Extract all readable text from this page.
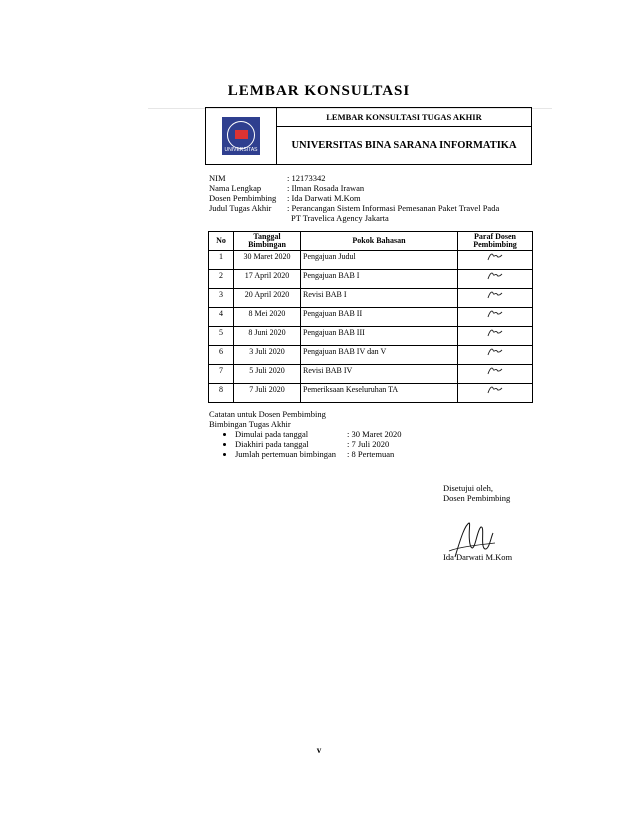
LEMBAR KONSULTASI
UNIVERSITAS
	LEMBAR KONSULTASI TUGAS AKHIR
UNIVERSITAS BINA SARANA INFORMATIKA
NIM	: 12173342
Nama Lengkap	: Ilman Rosada Irawan
Dosen Pembimbing	: Ida Darwati M.Kom
Judul Tugas Akhir	: Perancangan Sistem Informasi Pemesanan Paket Travel Pada
PT Travelica Agency Jakarta
No	Tanggal Bimbingan	Pokok Bahasan	Paraf Dosen Pembimbing
1	30 Maret 2020	Pengajuan Judul	
2	17 April 2020	Pengajuan BAB I	
3	20 April 2020	Revisi BAB I	
4	8 Mei 2020	Pengajuan BAB II	
5	8 Juni 2020	Pengajuan BAB III	
6	3 Juli 2020	Pengajuan BAB IV dan V	
7	5 Juli 2020	Revisi BAB IV	
8	7 Juli 2020	Pemeriksaan Keseluruhan TA	
Catatan untuk Dosen Pembimbing
Bimbingan Tugas Akhir
• Dimulai pada tanggal	: 30 Maret 2020
• Diakhiri pada tanggal	: 7 Juli 2020
• Jumlah pertemuan bimbingan : 8 Pertemuan
Disetujui oleh,
Dosen Pembimbing
Ida Darwati M.Kom
v
